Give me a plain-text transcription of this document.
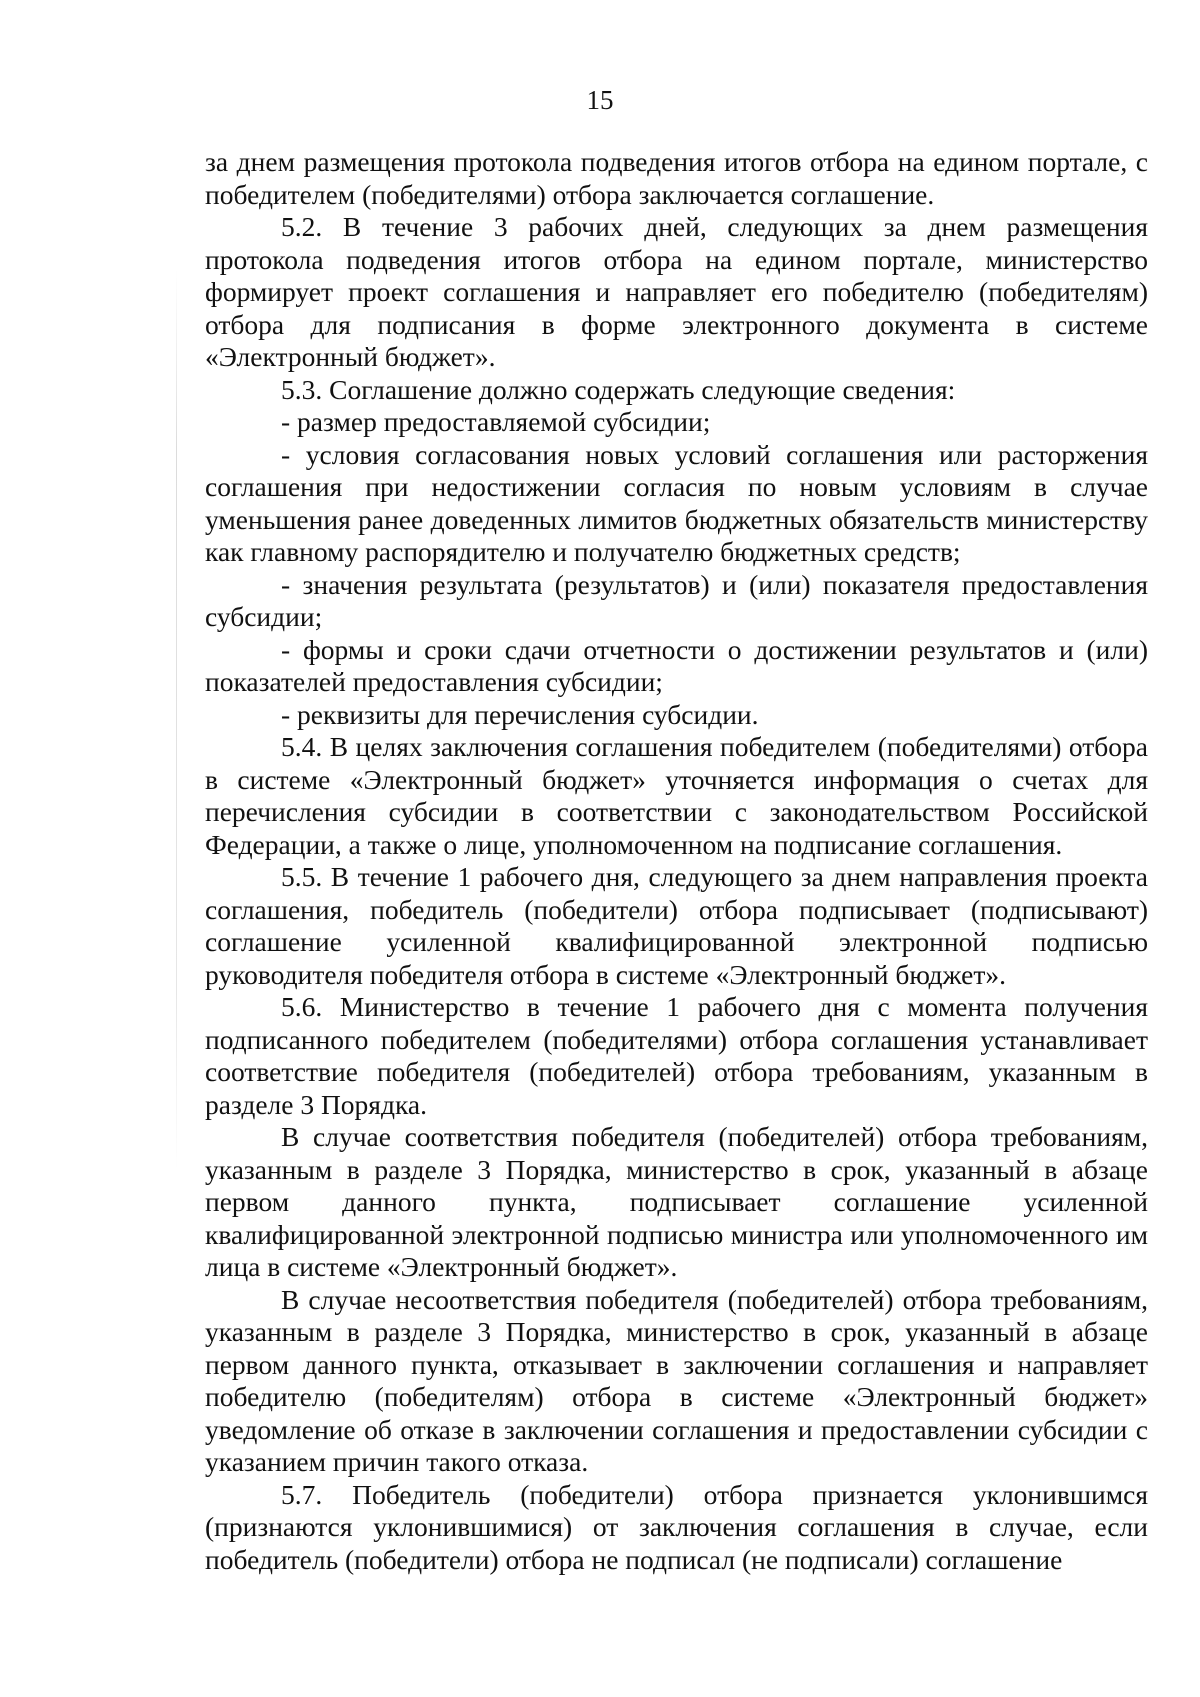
15

за днем размещения протокола подведения итогов отбора на едином портале, с победителем (победителями) отбора заключается соглашение.

5.2. В течение 3 рабочих дней, следующих за днем размещения протокола подведения итогов отбора на едином портале, министерство формирует проект соглашения и направляет его победителю (победителям) отбора для подписания в форме электронного документа в системе «Электронный бюджет».

5.3. Соглашение должно содержать следующие сведения:

- размер предоставляемой субсидии;

- условия согласования новых условий соглашения или расторжения соглашения при недостижении согласия по новым условиям в случае уменьшения ранее доведенных лимитов бюджетных обязательств министерству как главному распорядителю и получателю бюджетных средств;

- значения результата (результатов) и (или) показателя предоставления субсидии;

- формы и сроки сдачи отчетности о достижении результатов и (или) показателей предоставления субсидии;

- реквизиты для перечисления субсидии.

5.4. В целях заключения соглашения победителем (победителями) отбора в системе «Электронный бюджет» уточняется информация о счетах для перечисления субсидии в соответствии с законодательством Российской Федерации, а также о лице, уполномоченном на подписание соглашения.

5.5. В течение 1 рабочего дня, следующего за днем направления проекта соглашения, победитель (победители) отбора подписывает (подписывают) соглашение усиленной квалифицированной электронной подписью руководителя победителя отбора в системе «Электронный бюджет».

5.6. Министерство в течение 1 рабочего дня с момента получения подписанного победителем (победителями) отбора соглашения устанавливает соответствие победителя (победителей) отбора требованиям, указанным в разделе 3 Порядка.

В случае соответствия победителя (победителей) отбора требованиям, указанным в разделе 3 Порядка, министерство в срок, указанный в абзаце первом данного пункта, подписывает соглашение усиленной квалифицированной электронной подписью министра или уполномоченного им лица в системе «Электронный бюджет».

В случае несоответствия победителя (победителей) отбора требованиям, указанным в разделе 3 Порядка, министерство в срок, указанный в абзаце первом данного пункта, отказывает в заключении соглашения и направляет победителю (победителям) отбора в системе «Электронный бюджет» уведомление об отказе в заключении соглашения и предоставлении субсидии с указанием причин такого отказа.

5.7. Победитель (победители) отбора признается уклонившимся (признаются уклонившимися) от заключения соглашения в случае, если победитель (победители) отбора не подписал (не подписали) соглашение
